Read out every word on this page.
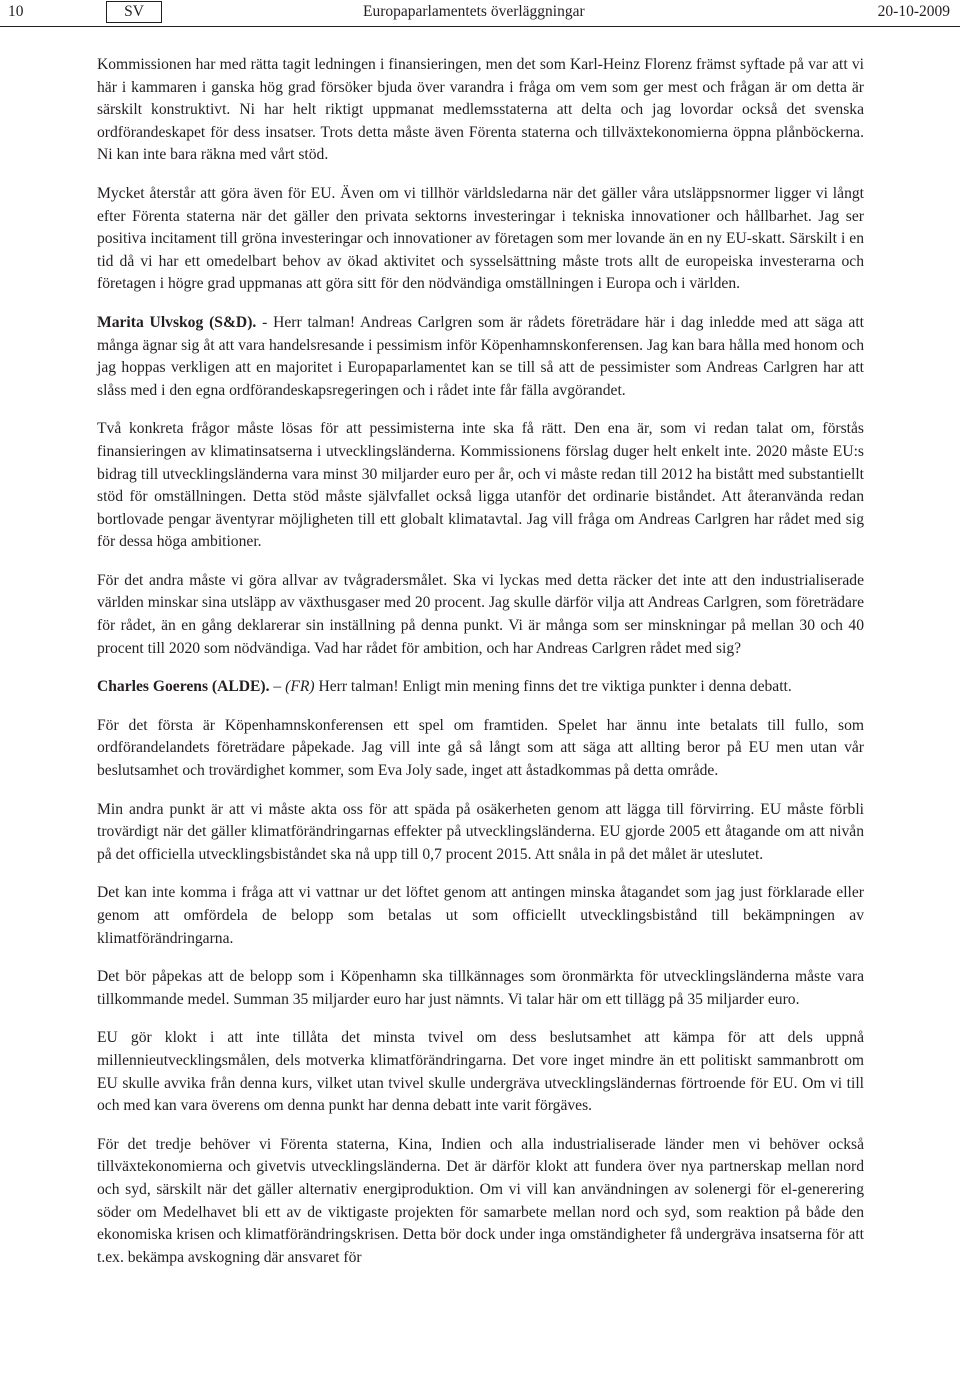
10	SV	Europaparlamentets överläggningar	20-10-2009

Kommissionen har med rätta tagit ledningen i finansieringen, men det som Karl-Heinz Florenz främst syftade på var att vi här i kammaren i ganska hög grad försöker bjuda över varandra i fråga om vem som ger mest och frågan är om detta är särskilt konstruktivt. Ni har helt riktigt uppmanat medlemsstaterna att delta och jag lovordar också det svenska ordförandeskapet för dess insatser. Trots detta måste även Förenta staterna och tillväxtekonomierna öppna plånböckerna. Ni kan inte bara räkna med vårt stöd.

Mycket återstår att göra även för EU. Även om vi tillhör världsledarna när det gäller våra utsläppsnormer ligger vi långt efter Förenta staterna när det gäller den privata sektorns investeringar i tekniska innovationer och hållbarhet. Jag ser positiva incitament till gröna investeringar och innovationer av företagen som mer lovande än en ny EU-skatt. Särskilt i en tid då vi har ett omedelbart behov av ökad aktivitet och sysselsättning måste trots allt de europeiska investerarna och företagen i högre grad uppmanas att göra sitt för den nödvändiga omställningen i Europa och i världen.

Marita Ulvskog (S&D). - Herr talman! Andreas Carlgren som är rådets företrädare här i dag inledde med att säga att många ägnar sig åt att vara handelsresande i pessimism inför Köpenhamnskonferensen. Jag kan bara hålla med honom och jag hoppas verkligen att en majoritet i Europaparlamentet kan se till så att de pessimister som Andreas Carlgren har att slåss med i den egna ordförandeskapsregeringen och i rådet inte får fälla avgörandet.

Två konkreta frågor måste lösas för att pessimisterna inte ska få rätt. Den ena är, som vi redan talat om, förstås finansieringen av klimatinsatserna i utvecklingsländerna. Kommissionens förslag duger helt enkelt inte. 2020 måste EU:s bidrag till utvecklingsländerna vara minst 30 miljarder euro per år, och vi måste redan till 2012 ha bistått med substantiellt stöd för omställningen. Detta stöd måste självfallet också ligga utanför det ordinarie biståndet. Att återanvända redan bortlovade pengar äventyrar möjligheten till ett globalt klimatavtal. Jag vill fråga om Andreas Carlgren har rådet med sig för dessa höga ambitioner.

För det andra måste vi göra allvar av tvågradersmålet. Ska vi lyckas med detta räcker det inte att den industrialiserade världen minskar sina utsläpp av växthusgaser med 20 procent. Jag skulle därför vilja att Andreas Carlgren, som företrädare för rådet, än en gång deklarerar sin inställning på denna punkt. Vi är många som ser minskningar på mellan 30 och 40 procent till 2020 som nödvändiga. Vad har rådet för ambition, och har Andreas Carlgren rådet med sig?

Charles Goerens (ALDE). – (FR) Herr talman! Enligt min mening finns det tre viktiga punkter i denna debatt.

För det första är Köpenhamnskonferensen ett spel om framtiden. Spelet har ännu inte betalats till fullo, som ordförandelandets företrädare påpekade. Jag vill inte gå så långt som att säga att allting beror på EU men utan vår beslutsamhet och trovärdighet kommer, som Eva Joly sade, inget att åstadkommas på detta område.

Min andra punkt är att vi måste akta oss för att späda på osäkerheten genom att lägga till förvirring. EU måste förbli trovärdigt när det gäller klimatförändringarnas effekter på utvecklingsländerna. EU gjorde 2005 ett åtagande om att nivån på det officiella utvecklingsbiståndet ska nå upp till 0,7 procent 2015. Att snåla in på det målet är uteslutet.

Det kan inte komma i fråga att vi vattnar ur det löftet genom att antingen minska åtagandet som jag just förklarade eller genom att omfördela de belopp som betalas ut som officiellt utvecklingsbistånd till bekämpningen av klimatförändringarna.

Det bör påpekas att de belopp som i Köpenhamn ska tillkännages som öronmärkta för utvecklingsländerna måste vara tillkommande medel. Summan 35 miljarder euro har just nämnts. Vi talar här om ett tillägg på 35 miljarder euro.

EU gör klokt i att inte tillåta det minsta tvivel om dess beslutsamhet att kämpa för att dels uppnå millennieutvecklingsmålen, dels motverka klimatförändringarna. Det vore inget mindre än ett politiskt sammanbrott om EU skulle avvika från denna kurs, vilket utan tvivel skulle undergräva utvecklingsländernas förtroende för EU. Om vi till och med kan vara överens om denna punkt har denna debatt inte varit förgäves.

För det tredje behöver vi Förenta staterna, Kina, Indien och alla industrialiserade länder men vi behöver också tillväxtekonomierna och givetvis utvecklingsländerna. Det är därför klokt att fundera över nya partnerskap mellan nord och syd, särskilt när det gäller alternativ energiproduktion. Om vi vill kan användningen av solenergi för el-generering söder om Medelhavet bli ett av de viktigaste projekten för samarbete mellan nord och syd, som reaktion på både den ekonomiska krisen och klimatförändringskrisen. Detta bör dock under inga omständigheter få undergräva insatserna för att t.ex. bekämpa avskogning där ansvaret för
